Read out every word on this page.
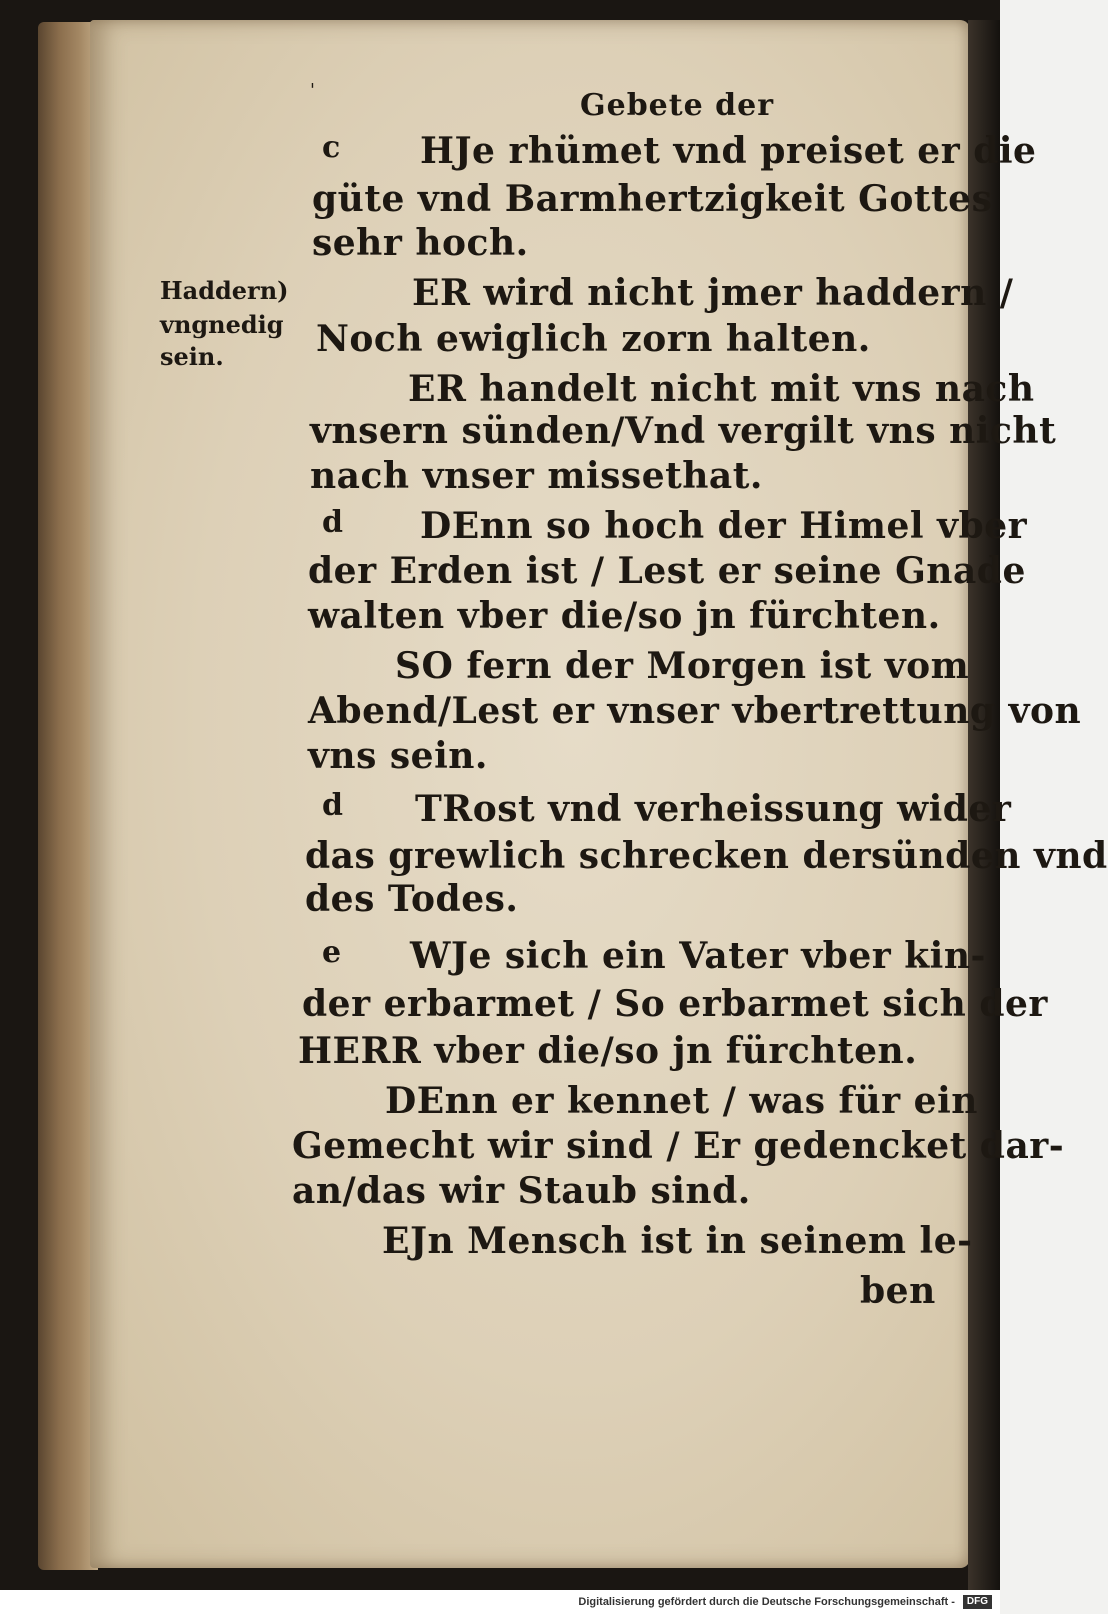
'	Gebete der
c
d
d
e
Haddern)
vngnedig
sein.
HJe rhümet vnd preiset er die
güte vnd Barmhertzigkeit Gottes
sehr hoch.
ER wird nicht jmer haddern /
Noch ewiglich zorn halten.
ER handelt nicht mit vns nach
vnsern sünden/Vnd vergilt vns nicht
nach vnser missethat.
DEnn so hoch der Himel vber
der Erden ist / Lest er seine Gnade
walten vber die/so jn fürchten.
SO fern der Morgen ist vom
Abend/Lest er vnser vbertrettung von
vns sein.
TRost vnd verheissung wider
das grewlich schrecken dersünden vnd
des Todes.
WJe sich ein Vater vber kin-
der erbarmet / So erbarmet sich der
HERR vber die/so jn fürchten.
DEnn er kennet / was für ein
Gemecht wir sind / Er gedencket dar-
an/das wir Staub sind.
EJn Mensch ist in seinem le-
ben
Digitalisierung gefördert durch die Deutsche Forschungsgemeinschaft - DFG
